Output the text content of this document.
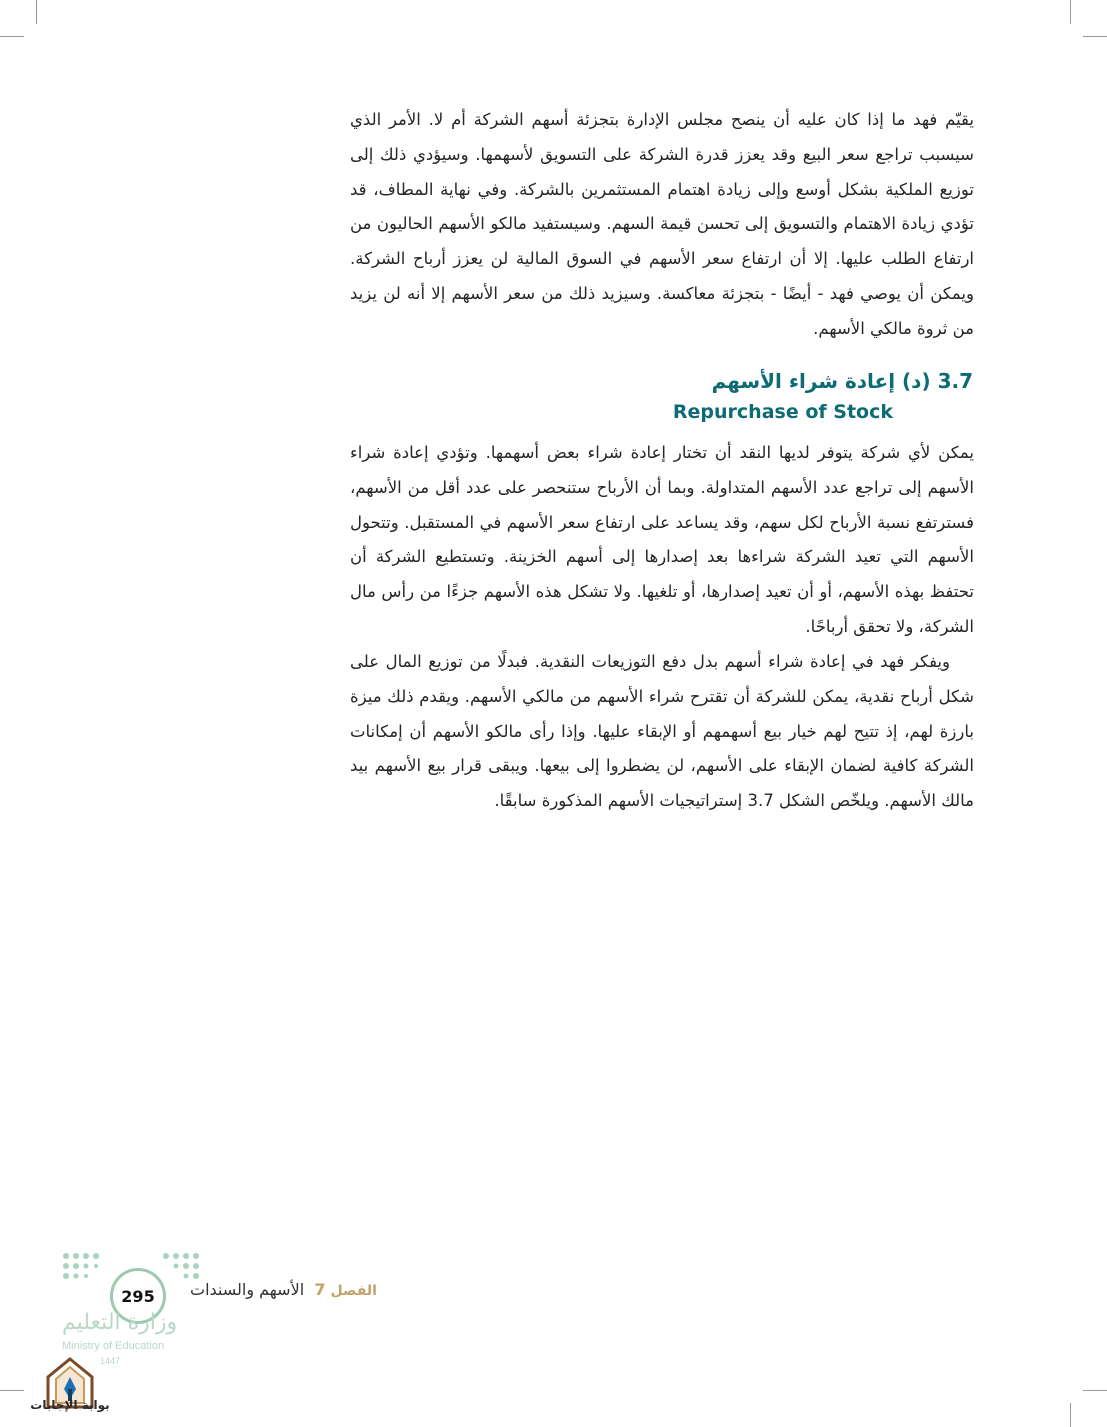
يقيّم فهد ما إذا كان عليه أن ينصح مجلس الإدارة بتجزئة أسهم الشركة أم لا. الأمر الذي سيسبب تراجع سعر البيع وقد يعزز قدرة الشركة على التسويق لأسهمها. وسيؤدي ذلك إلى توزيع الملكية بشكل أوسع وإلى زيادة اهتمام المستثمرين بالشركة. وفي نهاية المطاف، قد تؤدي زيادة الاهتمام والتسويق إلى تحسن قيمة السهم. وسيستفيد مالكو الأسهم الحاليون من ارتفاع الطلب عليها. إلا أن ارتفاع سعر الأسهم في السوق المالية لن يعزز أرباح الشركة. ويمكن أن يوصي فهد - أيضًا - بتجزئة معاكسة. وسيزيد ذلك من سعر الأسهم إلا أنه لن يزيد من ثروة مالكي الأسهم.

3.7 (د) إعادة شراء الأسهم
Repurchase of Stock

يمكن لأي شركة يتوفر لديها النقد أن تختار إعادة شراء بعض أسهمها. وتؤدي إعادة شراء الأسهم إلى تراجع عدد الأسهم المتداولة. وبما أن الأرباح ستنحصر على عدد أقل من الأسهم، فسترتفع نسبة الأرباح لكل سهم، وقد يساعد على ارتفاع سعر الأسهم في المستقبل. وتتحول الأسهم التي تعيد الشركة شراءها بعد إصدارها إلى أسهم الخزينة. وتستطيع الشركة أن تحتفظ بهذه الأسهم، أو أن تعيد إصدارها، أو تلغيها. ولا تشكل هذه الأسهم جزءًا من رأس مال الشركة، ولا تحقق أرباحًا.

ويفكر فهد في إعادة شراء أسهم بدل دفع التوزيعات النقدية. فبدلًا من توزيع المال على شكل أرباح نقدية، يمكن للشركة أن تقترح شراء الأسهم من مالكي الأسهم. ويقدم ذلك ميزة بارزة لهم، إذ تتيح لهم خيار بيع أسهمهم أو الإبقاء عليها. وإذا رأى مالكو الأسهم أن إمكانات الشركة كافية لضمان الإبقاء على الأسهم، لن يضطروا إلى بيعها. ويبقى قرار بيع الأسهم بيد مالك الأسهم. ويلخّص الشكل 3.7 إستراتيجيات الأسهم المذكورة سابقًا.

295	الفصل 7  الأسهم والسندات
وزارة التعليم
Ministry of Education
1447
بوابة الإجابات
